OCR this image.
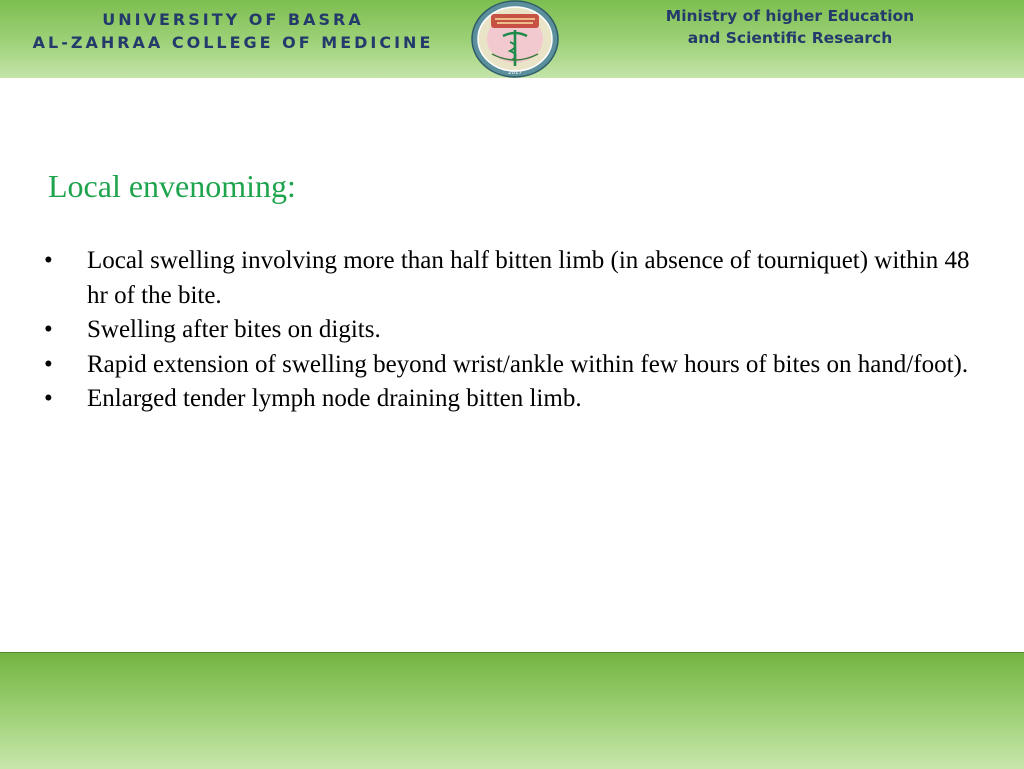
UNIVERSITY OF BASRA
AL-ZAHRAA COLLEGE OF MEDICINE
2017
Ministry of higher Education
and Scientific Research
Local envenoming:
• Local swelling involving more than half bitten limb (in absence of tourniquet) within 48 hr of the bite.
• Swelling after bites on digits.
• Rapid extension of swelling beyond wrist/ankle within few hours of bites on hand/foot).
• Enlarged tender lymph node draining bitten limb.
